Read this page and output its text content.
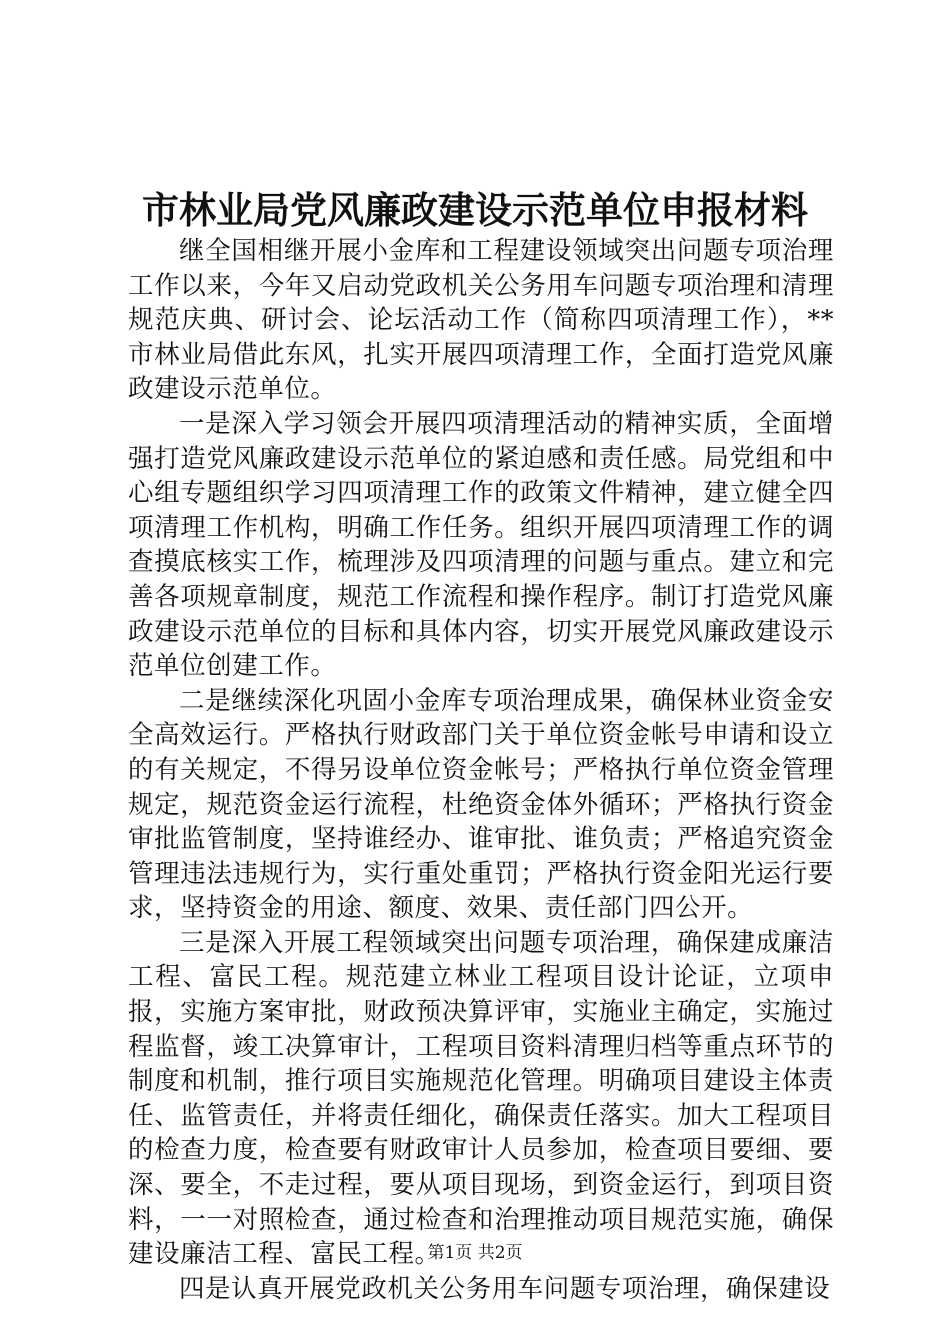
市林业局党风廉政建设示范单位申报材料

继全国相继开展小金库和工程建设领域突出问题专项治理工作以来，今年又启动党政机关公务用车问题专项治理和清理规范庆典、研讨会、论坛活动工作（简称四项清理工作），**市林业局借此东风，扎实开展四项清理工作，全面打造党风廉政建设示范单位。

一是深入学习领会开展四项清理活动的精神实质，全面增强打造党风廉政建设示范单位的紧迫感和责任感。局党组和中心组专题组织学习四项清理工作的政策文件精神，建立健全四项清理工作机构，明确工作任务。组织开展四项清理工作的调查摸底核实工作，梳理涉及四项清理的问题与重点。建立和完善各项规章制度，规范工作流程和操作程序。制订打造党风廉政建设示范单位的目标和具体内容，切实开展党风廉政建设示范单位创建工作。

二是继续深化巩固小金库专项治理成果，确保林业资金安全高效运行。严格执行财政部门关于单位资金帐号申请和设立的有关规定，不得另设单位资金帐号；严格执行单位资金管理规定，规范资金运行流程，杜绝资金体外循环；严格执行资金审批监管制度，坚持谁经办、谁审批、谁负责；严格追究资金管理违法违规行为，实行重处重罚；严格执行资金阳光运行要求，坚持资金的用途、额度、效果、责任部门四公开。

三是深入开展工程领域突出问题专项治理，确保建成廉洁工程、富民工程。规范建立林业工程项目设计论证，立项申报，实施方案审批，财政预决算评审，实施业主确定，实施过程监督，竣工决算审计，工程项目资料清理归档等重点环节的制度和机制，推行项目实施规范化管理。明确项目建设主体责任、监管责任，并将责任细化，确保责任落实。加大工程项目的检查力度，检查要有财政审计人员参加，检查项目要细、要深、要全，不走过程，要从项目现场，到资金运行，到项目资料，一一对照检查，通过检查和治理推动项目规范实施，确保建设廉洁工程、富民工程。

四是认真开展党政机关公务用车问题专项治理，确保建设

第1页 共2页
